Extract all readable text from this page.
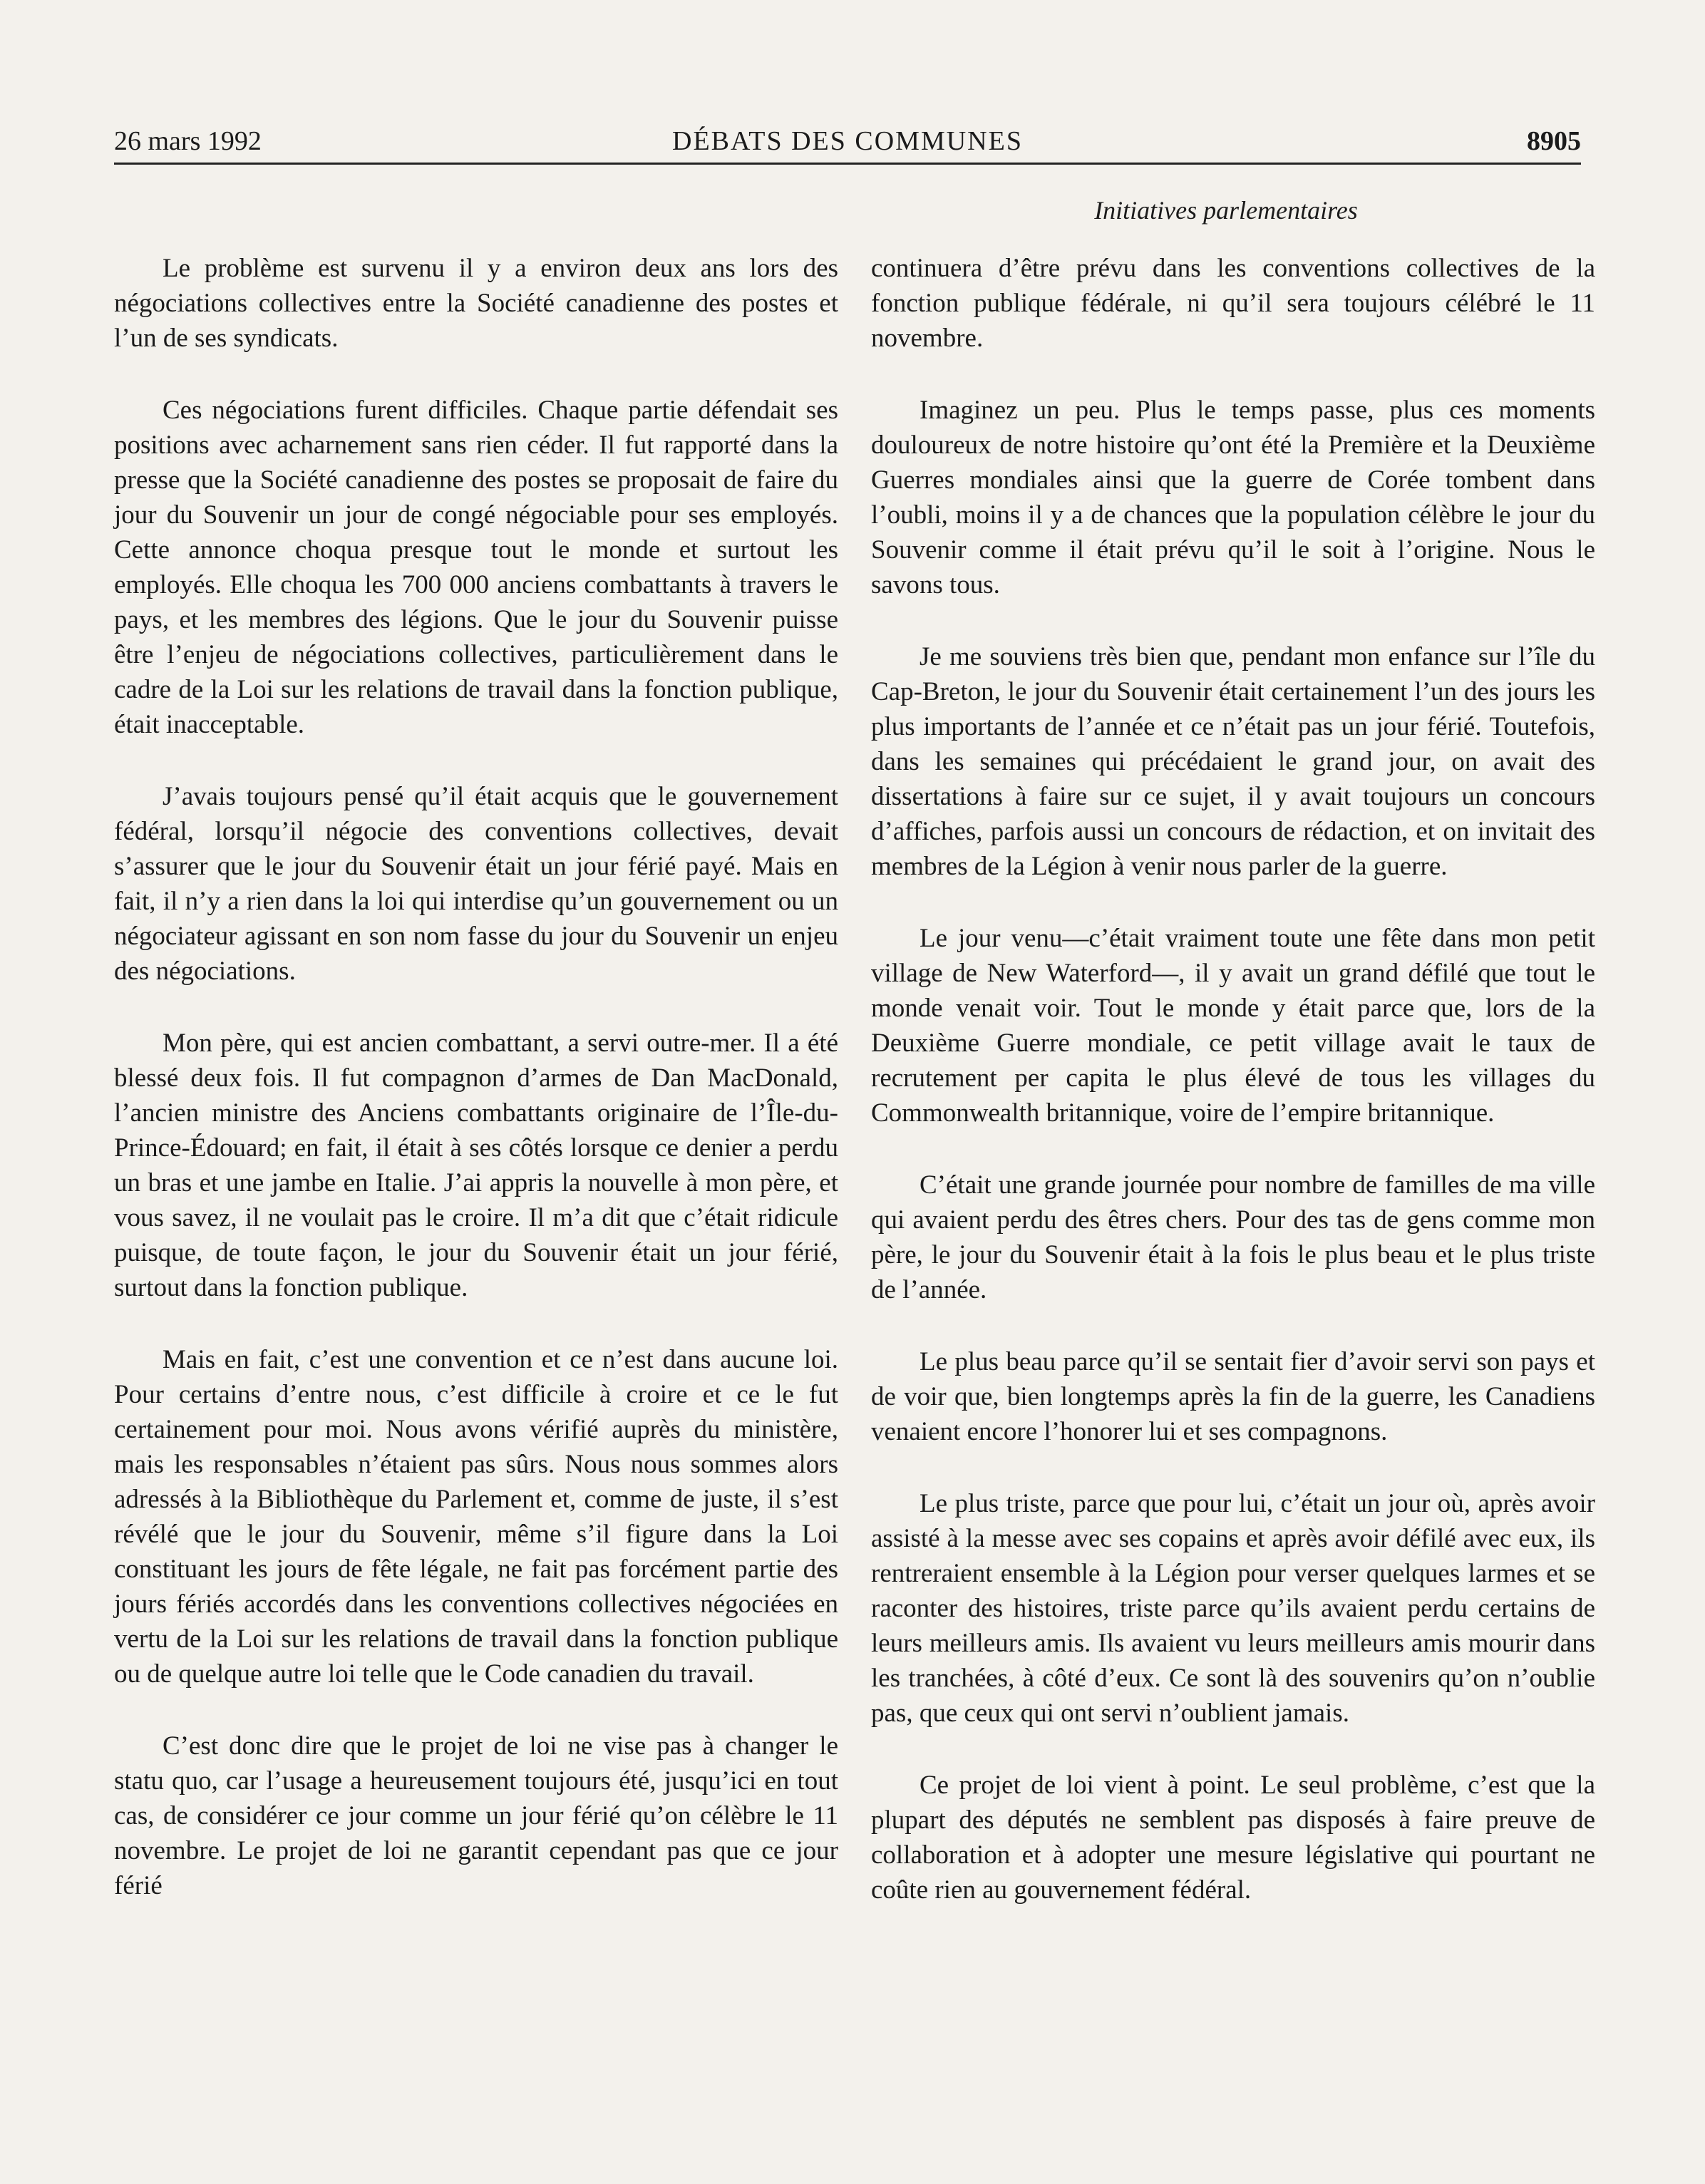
26 mars 1992	DÉBATS DES COMMUNES	8905
Initiatives parlementaires

Le problème est survenu il y a environ deux ans lors des négociations collectives entre la Société canadienne des postes et l’un de ses syndicats.

Ces négociations furent difficiles. Chaque partie défendait ses positions avec acharnement sans rien céder. Il fut rapporté dans la presse que la Société canadienne des postes se proposait de faire du jour du Souvenir un jour de congé négociable pour ses employés. Cette annonce choqua presque tout le monde et surtout les employés. Elle choqua les 700 000 anciens combattants à travers le pays, et les membres des légions. Que le jour du Souvenir puisse être l’enjeu de négociations collectives, particulièrement dans le cadre de la Loi sur les relations de travail dans la fonction publique, était inacceptable.

J’avais toujours pensé qu’il était acquis que le gouvernement fédéral, lorsqu’il négocie des conventions collectives, devait s’assurer que le jour du Souvenir était un jour férié payé. Mais en fait, il n’y a rien dans la loi qui interdise qu’un gouvernement ou un négociateur agissant en son nom fasse du jour du Souvenir un enjeu des négociations.

Mon père, qui est ancien combattant, a servi outre-mer. Il a été blessé deux fois. Il fut compagnon d’armes de Dan MacDonald, l’ancien ministre des Anciens combattants originaire de l’Île-du-Prince-Édouard; en fait, il était à ses côtés lorsque ce denier a perdu un bras et une jambe en Italie. J’ai appris la nouvelle à mon père, et vous savez, il ne voulait pas le croire. Il m’a dit que c’était ridicule puisque, de toute façon, le jour du Souvenir était un jour férié, surtout dans la fonction publique.

Mais en fait, c’est une convention et ce n’est dans aucune loi. Pour certains d’entre nous, c’est difficile à croire et ce le fut certainement pour moi. Nous avons vérifié auprès du ministère, mais les responsables n’étaient pas sûrs. Nous nous sommes alors adressés à la Bibliothèque du Parlement et, comme de juste, il s’est révélé que le jour du Souvenir, même s’il figure dans la Loi constituant les jours de fête légale, ne fait pas forcément partie des jours fériés accordés dans les conventions collectives négociées en vertu de la Loi sur les relations de travail dans la fonction publique ou de quelque autre loi telle que le Code canadien du travail.

C’est donc dire que le projet de loi ne vise pas à changer le statu quo, car l’usage a heureusement toujours été, jusqu’ici en tout cas, de considérer ce jour comme un jour férié qu’on célèbre le 11 novembre. Le projet de loi ne garantit cependant pas que ce jour férié

continuera d’être prévu dans les conventions collectives de la fonction publique fédérale, ni qu’il sera toujours célébré le 11 novembre.

Imaginez un peu. Plus le temps passe, plus ces moments douloureux de notre histoire qu’ont été la Première et la Deuxième Guerres mondiales ainsi que la guerre de Corée tombent dans l’oubli, moins il y a de chances que la population célèbre le jour du Souvenir comme il était prévu qu’il le soit à l’origine. Nous le savons tous.

Je me souviens très bien que, pendant mon enfance sur l’île du Cap-Breton, le jour du Souvenir était certainement l’un des jours les plus importants de l’année et ce n’était pas un jour férié. Toutefois, dans les semaines qui précédaient le grand jour, on avait des dissertations à faire sur ce sujet, il y avait toujours un concours d’affiches, parfois aussi un concours de rédaction, et on invitait des membres de la Légion à venir nous parler de la guerre.

Le jour venu—c’était vraiment toute une fête dans mon petit village de New Waterford—, il y avait un grand défilé que tout le monde venait voir. Tout le monde y était parce que, lors de la Deuxième Guerre mondiale, ce petit village avait le taux de recrutement per capita le plus élevé de tous les villages du Commonwealth britannique, voire de l’empire britannique.

C’était une grande journée pour nombre de familles de ma ville qui avaient perdu des êtres chers. Pour des tas de gens comme mon père, le jour du Souvenir était à la fois le plus beau et le plus triste de l’année.

Le plus beau parce qu’il se sentait fier d’avoir servi son pays et de voir que, bien longtemps après la fin de la guerre, les Canadiens venaient encore l’honorer lui et ses compagnons.

Le plus triste, parce que pour lui, c’était un jour où, après avoir assisté à la messe avec ses copains et après avoir défilé avec eux, ils rentreraient ensemble à la Légion pour verser quelques larmes et se raconter des histoires, triste parce qu’ils avaient perdu certains de leurs meilleurs amis. Ils avaient vu leurs meilleurs amis mourir dans les tranchées, à côté d’eux. Ce sont là des souvenirs qu’on n’oublie pas, que ceux qui ont servi n’oublient jamais.

Ce projet de loi vient à point. Le seul problème, c’est que la plupart des députés ne semblent pas disposés à faire preuve de collaboration et à adopter une mesure législative qui pourtant ne coûte rien au gouvernement fédéral.
